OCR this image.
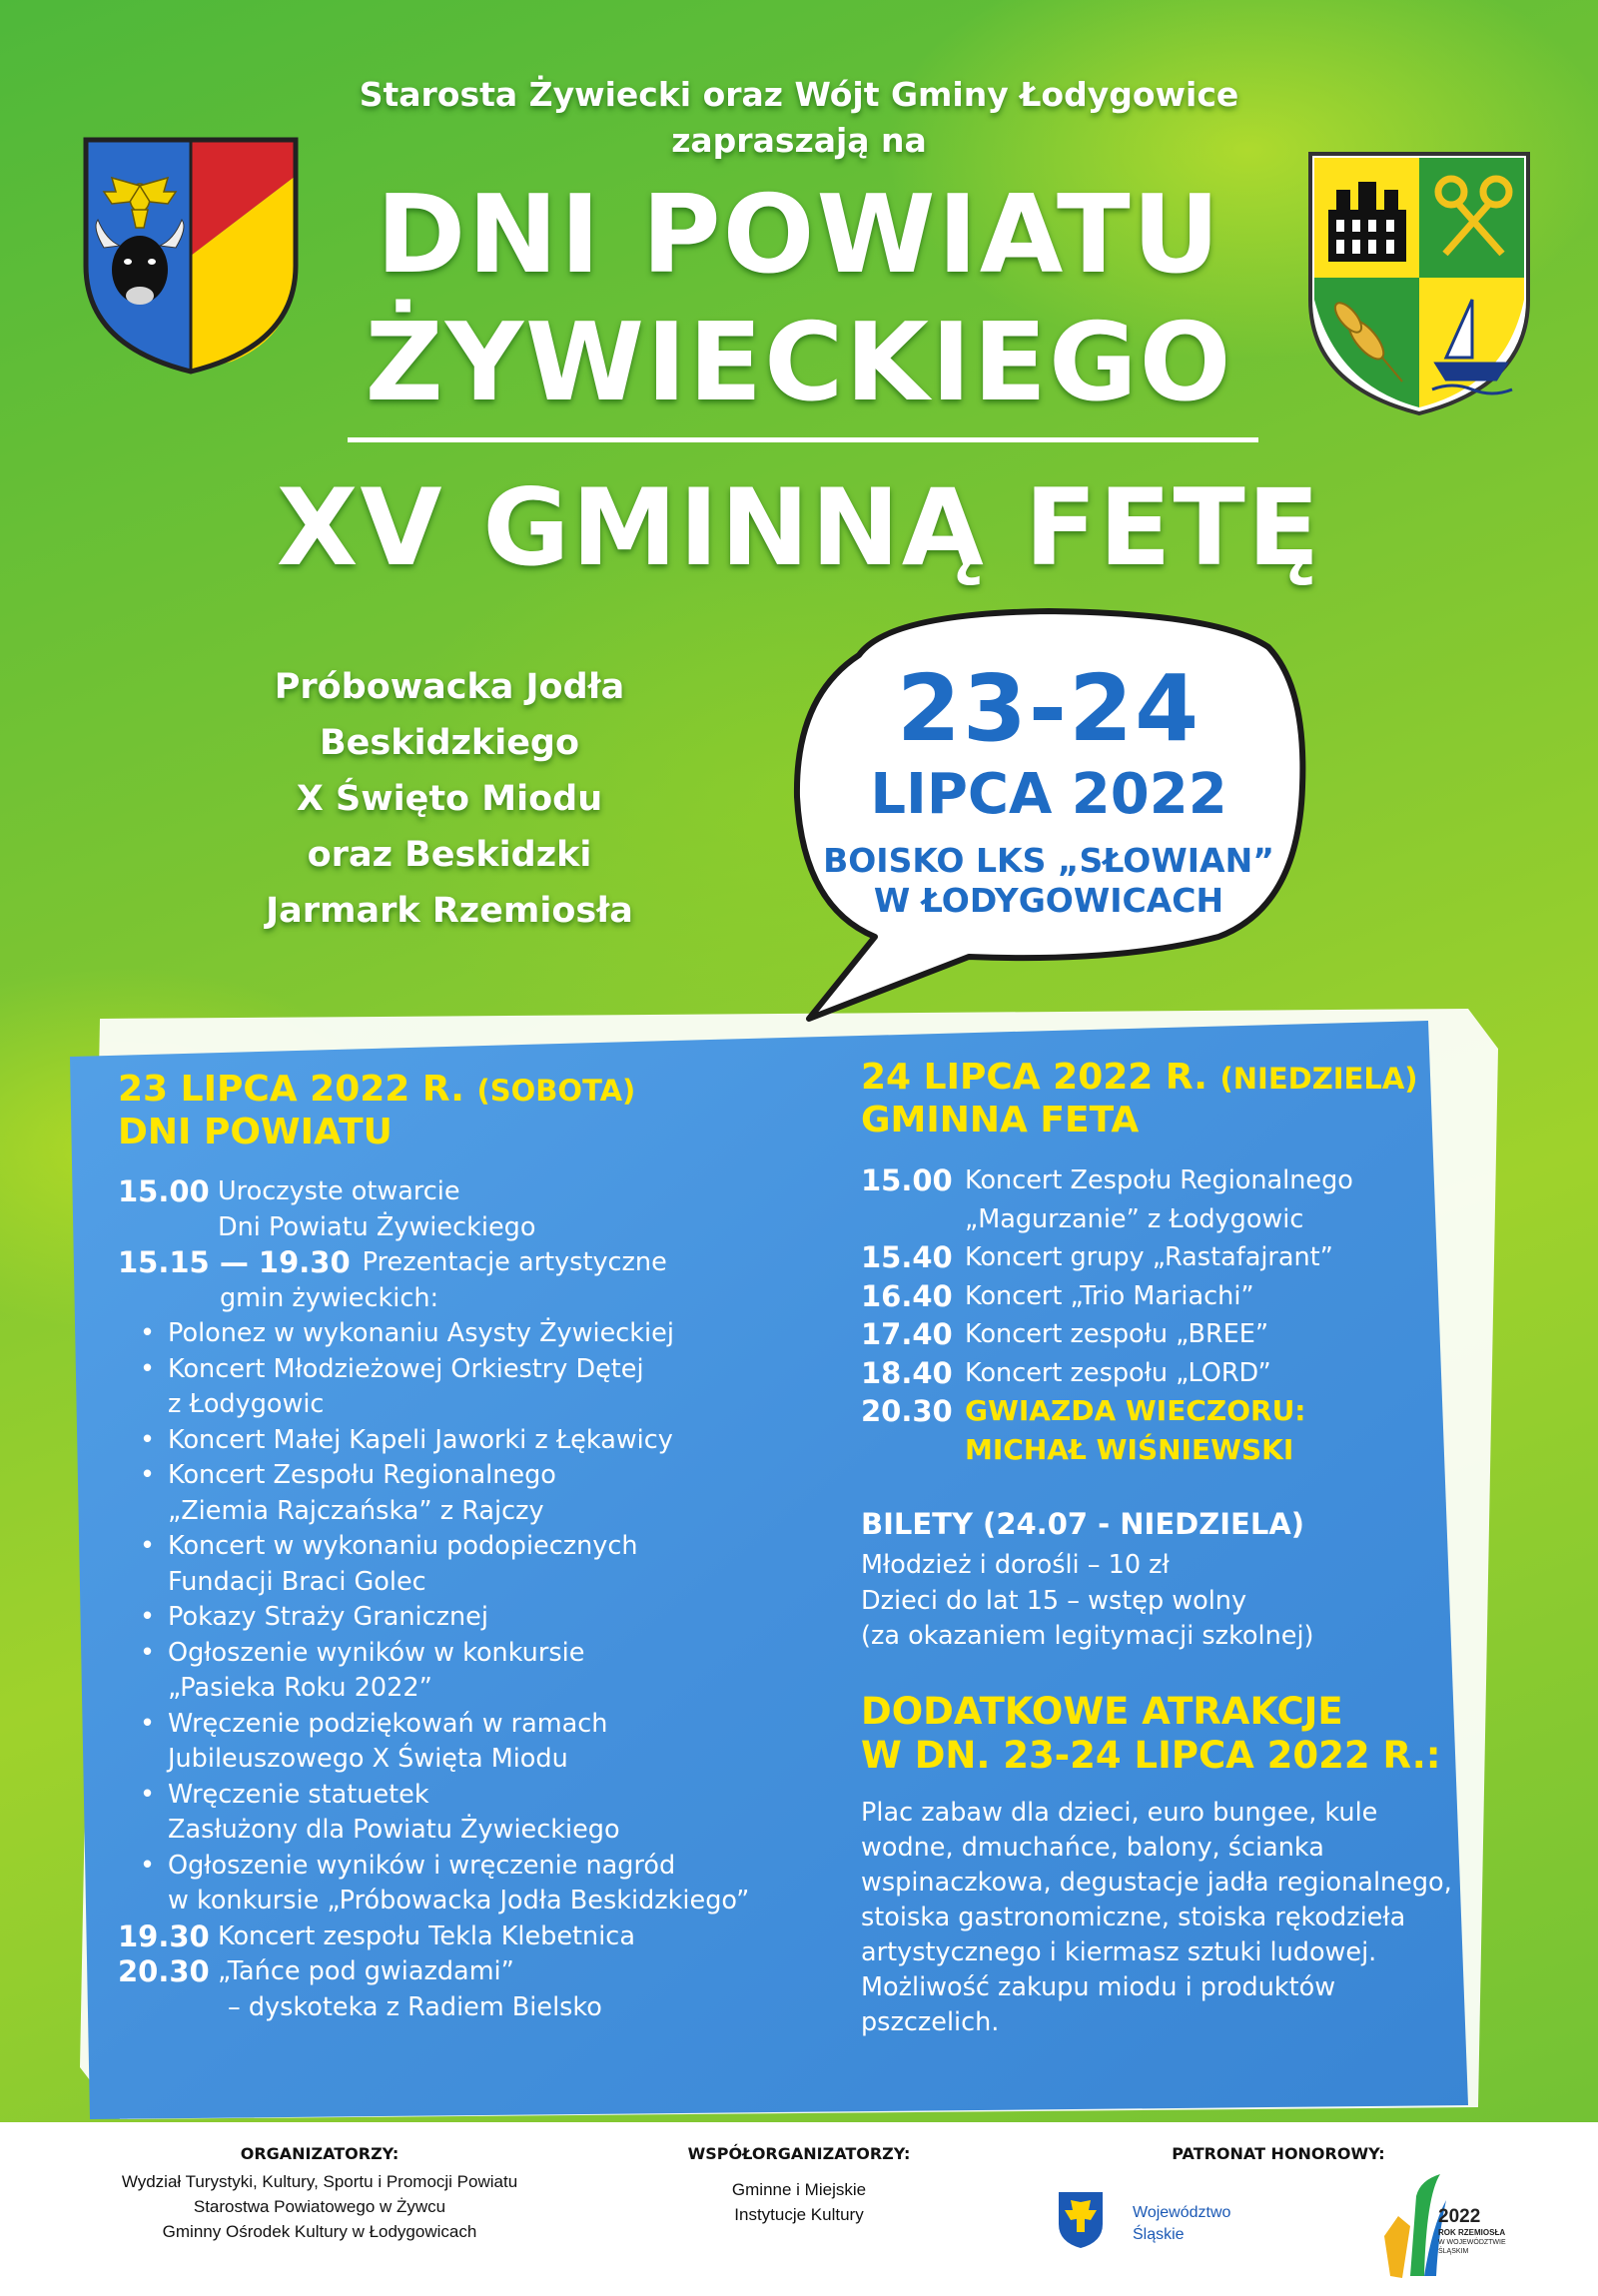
Starosta Żywiecki oraz Wójt Gminy Łodygowice
zapraszają na
DNI POWIATU
ŻYWIECKIEGO
XV GMINNĄ FETĘ
Próbowacka Jodła
Beskidzkiego
X Święto Miodu
oraz Beskidzki
Jarmark Rzemiosła
23-24
LIPCA 2022
BOISKO LKS „SŁOWIAN”
W ŁODYGOWICACH
23 LIPCA 2022 R. (SOBOTA)
DNI POWIATU
15.00 Uroczyste otwarcie
Dni Powiatu Żywieckiego
15.15 — 19.30 Prezentacje artystyczne
gmin żywieckich:
• Polonez w wykonaniu Asysty Żywieckiej
• Koncert Młodzieżowej Orkiestry Dętej
z Łodygowic
• Koncert Małej Kapeli Jaworki z Łękawicy
• Koncert Zespołu Regionalnego
„Ziemia Rajczańska” z Rajczy
• Koncert w wykonaniu podopiecznych
Fundacji Braci Golec
• Pokazy Straży Granicznej
• Ogłoszenie wyników w konkursie
„Pasieka Roku 2022”
• Wręczenie podziękowań w ramach
Jubileuszowego X Święta Miodu
• Wręczenie statuetek
Zasłużony dla Powiatu Żywieckiego
• Ogłoszenie wyników i wręczenie nagród
w konkursie „Próbowacka Jodła Beskidzkiego”
19.30 Koncert zespołu Tekla Klebetnica
20.30 „Tańce pod gwiazdami”
– dyskoteka z Radiem Bielsko
24 LIPCA 2022 R. (NIEDZIELA)
GMINNA FETA
15.00 Koncert Zespołu Regionalnego
„Magurzanie” z Łodygowic
15.40 Koncert grupy „Rastafajrant”
16.40 Koncert „Trio Mariachi”
17.40 Koncert zespołu „BREE”
18.40 Koncert zespołu „LORD”
20.30 GWIAZDA WIECZORU:
MICHAŁ WIŚNIEWSKI
BILETY (24.07 - NIEDZIELA)
Młodzież i dorośli – 10 zł
Dzieci do lat 15 – wstęp wolny
(za okazaniem legitymacji szkolnej)
DODATKOWE ATRAKCJE
W DN. 23-24 LIPCA 2022 R.:
Plac zabaw dla dzieci, euro bungee, kule
wodne, dmuchańce, balony, ścianka
wspinaczkowa, degustacje jadła regionalnego,
stoiska gastronomiczne, stoiska rękodzieła
artystycznego i kiermasz sztuki ludowej.
Możliwość zakupu miodu i produktów
pszczelich.
ORGANIZATORZY:
Wydział Turystyki, Kultury, Sportu i Promocji Powiatu
Starostwa Powiatowego w Żywcu
Gminny Ośrodek Kultury w Łodygowicach
WSPÓŁORGANIZATORZY:
Gminne i Miejskie
Instytucje Kultury
PATRONAT HONOROWY:
Województwo
Śląskie
2022
ROK RZEMIOSŁA
W WOJEWÓDZTWIE
ŚLĄSKIM
